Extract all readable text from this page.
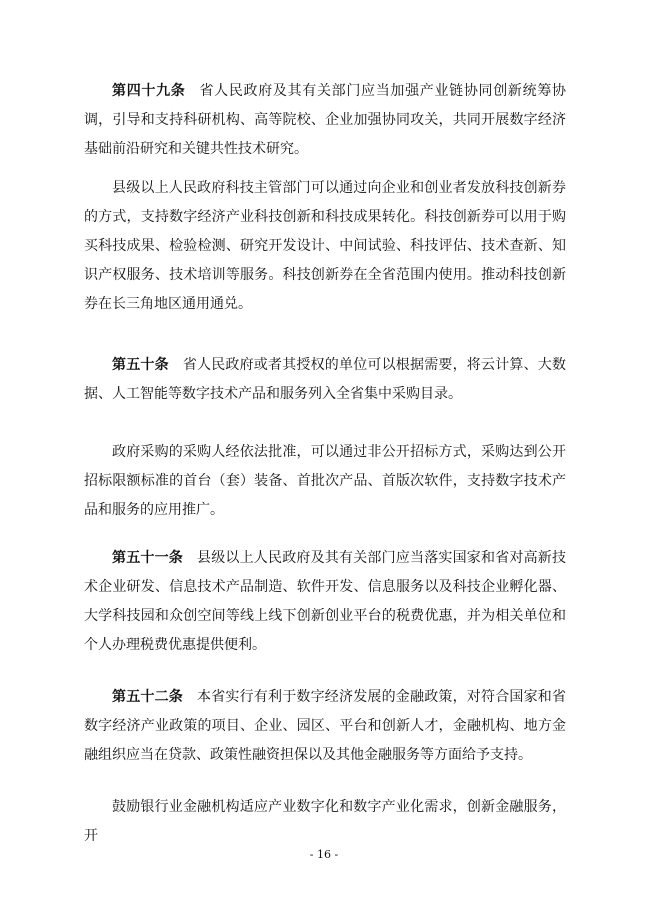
第四十九条 省人民政府及其有关部门应当加强产业链协同创新统筹协调，引导和支持科研机构、高等院校、企业加强协同攻关，共同开展数字经济基础前沿研究和关键共性技术研究。

县级以上人民政府科技主管部门可以通过向企业和创业者发放科技创新券的方式，支持数字经济产业科技创新和科技成果转化。科技创新券可以用于购买科技成果、检验检测、研究开发设计、中间试验、科技评估、技术查新、知识产权服务、技术培训等服务。科技创新券在全省范围内使用。推动科技创新券在长三角地区通用通兑。

第五十条 省人民政府或者其授权的单位可以根据需要，将云计算、大数据、人工智能等数字技术产品和服务列入全省集中采购目录。

政府采购的采购人经依法批准，可以通过非公开招标方式，采购达到公开招标限额标准的首台（套）装备、首批次产品、首版次软件，支持数字技术产品和服务的应用推广。

第五十一条 县级以上人民政府及其有关部门应当落实国家和省对高新技术企业研发、信息技术产品制造、软件开发、信息服务以及科技企业孵化器、大学科技园和众创空间等线上线下创新创业平台的税费优惠，并为相关单位和个人办理税费优惠提供便利。

第五十二条 本省实行有利于数字经济发展的金融政策，对符合国家和省数字经济产业政策的项目、企业、园区、平台和创新人才，金融机构、地方金融组织应当在贷款、政策性融资担保以及其他金融服务等方面给予支持。

鼓励银行业金融机构适应产业数字化和数字产业化需求，创新金融服务，开

- 16 -
